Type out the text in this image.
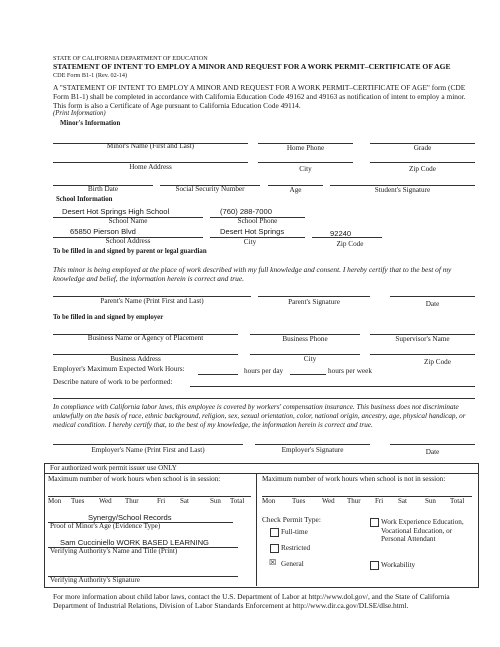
STATE OF CALIFORNIA DEPARTMENT OF EDUCATION
STATEMENT OF INTENT TO EMPLOY A MINOR AND REQUEST FOR A WORK PERMIT–CERTIFICATE OF AGE
CDE Form B1-1 (Rev. 02-14)
A "STATEMENT OF INTENT TO EMPLOY A MINOR AND REQUEST FOR A WORK PERMIT–CERTIFICATE OF AGE" form (CDE Form B1-1) shall be completed in accordance with California Education Code 49162 and 49163 as notification of intent to employ a minor. This form is also a Certificate of Age pursuant to California Education Code 49114.
(Print Information)
Minor's Information
Minor's Name (First and Last)	Home Phone	Grade
Home Address	City	Zip Code
Birth Date	Social Security Number	Age	Student's Signature
School Information
Desert Hot Springs High School	(760) 288-7000
School Name	School Phone
65850 Pierson Blvd	Desert Hot Springs	92240
School Address	City	Zip Code
To be filled in and signed by parent or legal guardian
This minor is being employed at the place of work described with my full knowledge and consent. I hereby certify that to the best of my knowledge and belief, the information herein is correct and true.
Parent's Name (Print First and Last)	Parent's Signature	Date
To be filled in and signed by employer
Business Name or Agency of Placement	Business Phone	Supervisor's Name
Business Address	City	Zip Code
Employer's Maximum Expected Work Hours:	hours per day	hours per week
Describe nature of work to be performed:
In compliance with California labor laws, this employee is covered by workers' compensation insurance. This business does not discriminate unlawfully on the basis of race, ethnic background, religion, sex, sexual orientation, color, national origin, ancestry, age, physical handicap, or medical condition. I hereby certify that, to the best of my knowledge, the information herein is correct and true.
Employer's Name (Print First and Last)	Employer's Signature	Date
For authorized work permit issuer use ONLY
Maximum number of work hours when school is in session:	Maximum number of work hours when school is not in session:
Mon Tues Wed Thur	Fri Sat	Sun Total	Mon Tues Wed Thur Fri Sat	Sun Total
Synergy/School Records
Proof of Minor's Age (Evidence Type)
Sam Cucciniello WORK BASED LEARNING
Verifying Authority's Name and Title (Print)
Verifying Authority's Signature
Check Permit Type:
Full-time
Restricted
☒ General
Work Experience Education, Vocational Education, or Personal Attendant
Workability
For more information about child labor laws, contact the U.S. Department of Labor at http://www.dol.gov/, and the State of California Department of Industrial Relations, Division of Labor Standards Enforcement at http://www.dir.ca.gov/DLSE/dlse.html.
